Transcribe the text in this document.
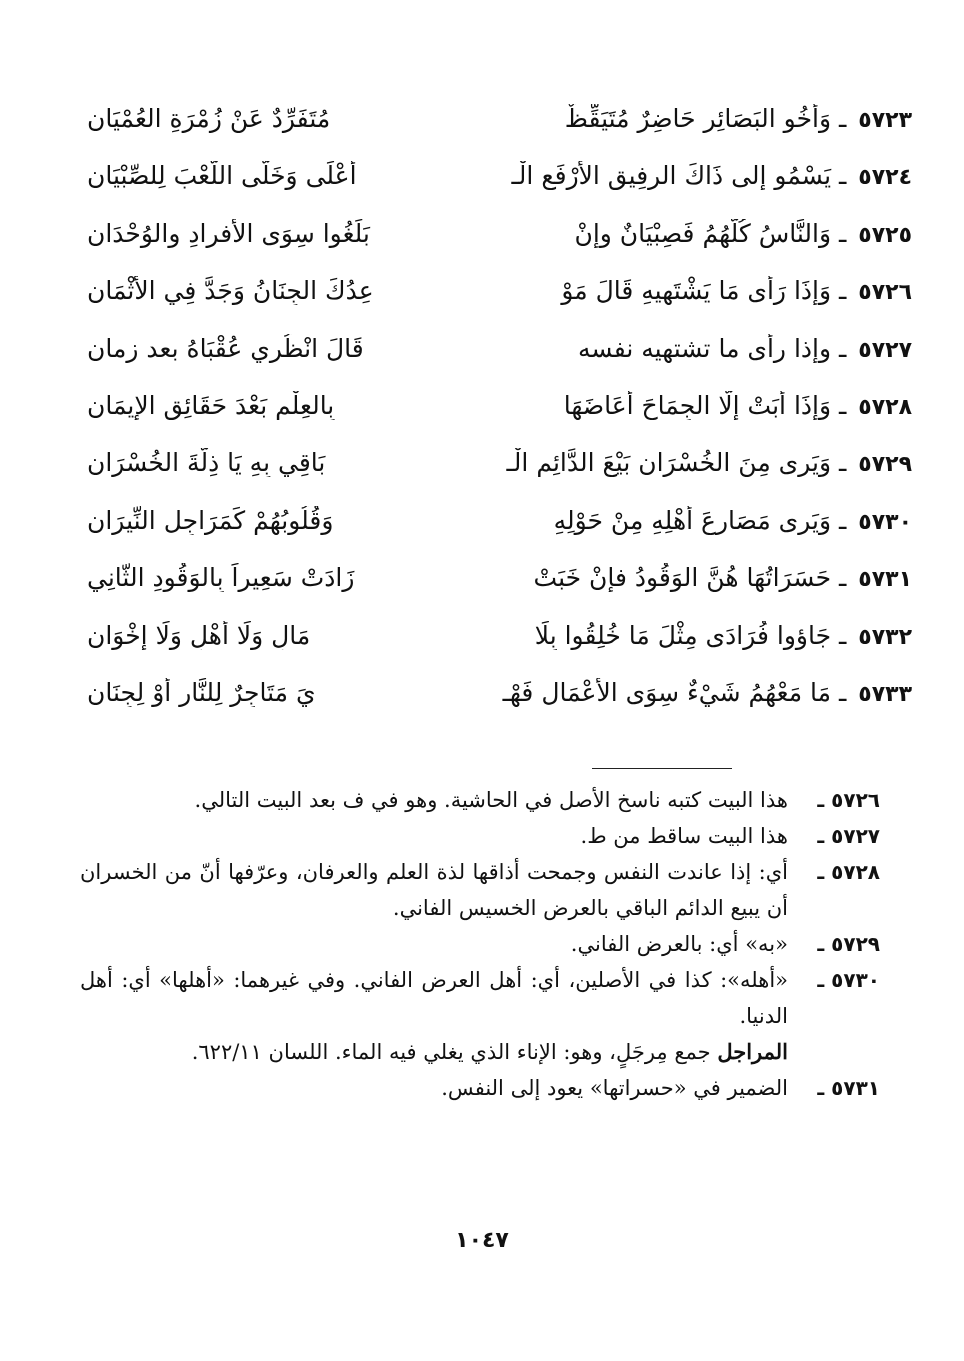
٥٧٢٣ ـ وَأخُو البَصَائِرِ حَاضِرٌ مُتَيَقِّظٌ
مُتَفَرِّدٌ عَنْ زُمْرَةِ العُمْيَانِ
٥٧٢٤ ـ يَسْمُو إلى ذَاكَ الرفِيقِ الأرْفَعِ الْـ
أعْلَى وَخَلَّى اللَّعْبَ لِلصِّبْيَانِ
٥٧٢٥ ـ وَالنَّاسُ كُلُّهُمُ فَصِبْيَانٌ وإنْ
بَلَغُوا سِوَى الأفرادِ والوُحْدَانِ
٥٧٢٦ ـ وَإذَا رَأى مَا يَشْتَهِيهِ قَالَ مَوْ
عِدُكَ الجِنَانُ وَجَدَّ فِي الأثْمَانِ
٥٧٢٧ ـ وإذا رأى ما تشتهيه نفسه
قَالَ انْظُرِي عُقْبَاهُ بعد زمان
٥٧٢٨ ـ وَإذَا أَبَتْ إلَّا الجِمَاحَ أَعَاضَهَا
بِالعِلْمِ بَعْدَ حَقَائِقِ الإيمَانِ
٥٧٢٩ ـ وَيَرى مِنَ الخُسْرَانِ بَيْعَ الدَّائِمِ الْـ
بَاقِي بِهِ يَا ذِلَّةَ الخُسْرَانِ
٥٧٣٠ ـ وَيَرى مَصَارِعَ أهْلِهِ مِنْ حَوْلِهِ
وَقُلُوبُهُمْ كَمَرَاجِلِ النِّيرَانِ
٥٧٣١ ـ حَسَرَاتُهَا هُنَّ الوَقُودُ فإنْ خَبَتْ
زَادَتْ سَعِيراً بِالوَقُودِ الثَّانِي
٥٧٣٢ ـ جَاؤوا فُرَادَى مِثْلَ مَا خُلِقُوا بِلَا
مَالٍ وَلَا أهْلٍ وَلَا إخْوَانِ
٥٧٣٣ ـ مَا مَعْهُمُ شَيْءٌ سِوَى الأعْمَالِ فَهْـ
يَ مَتَاجِرٌ لِلنَّارِ أوْ لِجِنَانِ
٥٧٢٦ ـ
هذا البيت كتبه ناسخ الأصل في الحاشية. وهو في ف بعد البيت التالي.
٥٧٢٧ ـ
هذا البيت ساقط من ط.
٥٧٢٨ ـ
أي: إذا عاندت النفس وجمحت أذاقها لذة العلم والعرفان، وعرّفها أنّ من الخسران أن يبيع الدائم الباقي بالعرض الخسيس الفاني.
٥٧٢٩ ـ
«به» أي: بالعرض الفاني.
٥٧٣٠ ـ
«أهله»: كذا في الأصلين، أي: أهل العرض الفاني. وفي غيرهما: «أهلها» أي: أهل الدنيا.
المراجل جمع مِرجَلٍ، وهو: الإناء الذي يغلي فيه الماء. اللسان ٦٢٢/١١.
٥٧٣١ ـ
الضمير في «حسراتها» يعود إلى النفس.
١٠٤٧
